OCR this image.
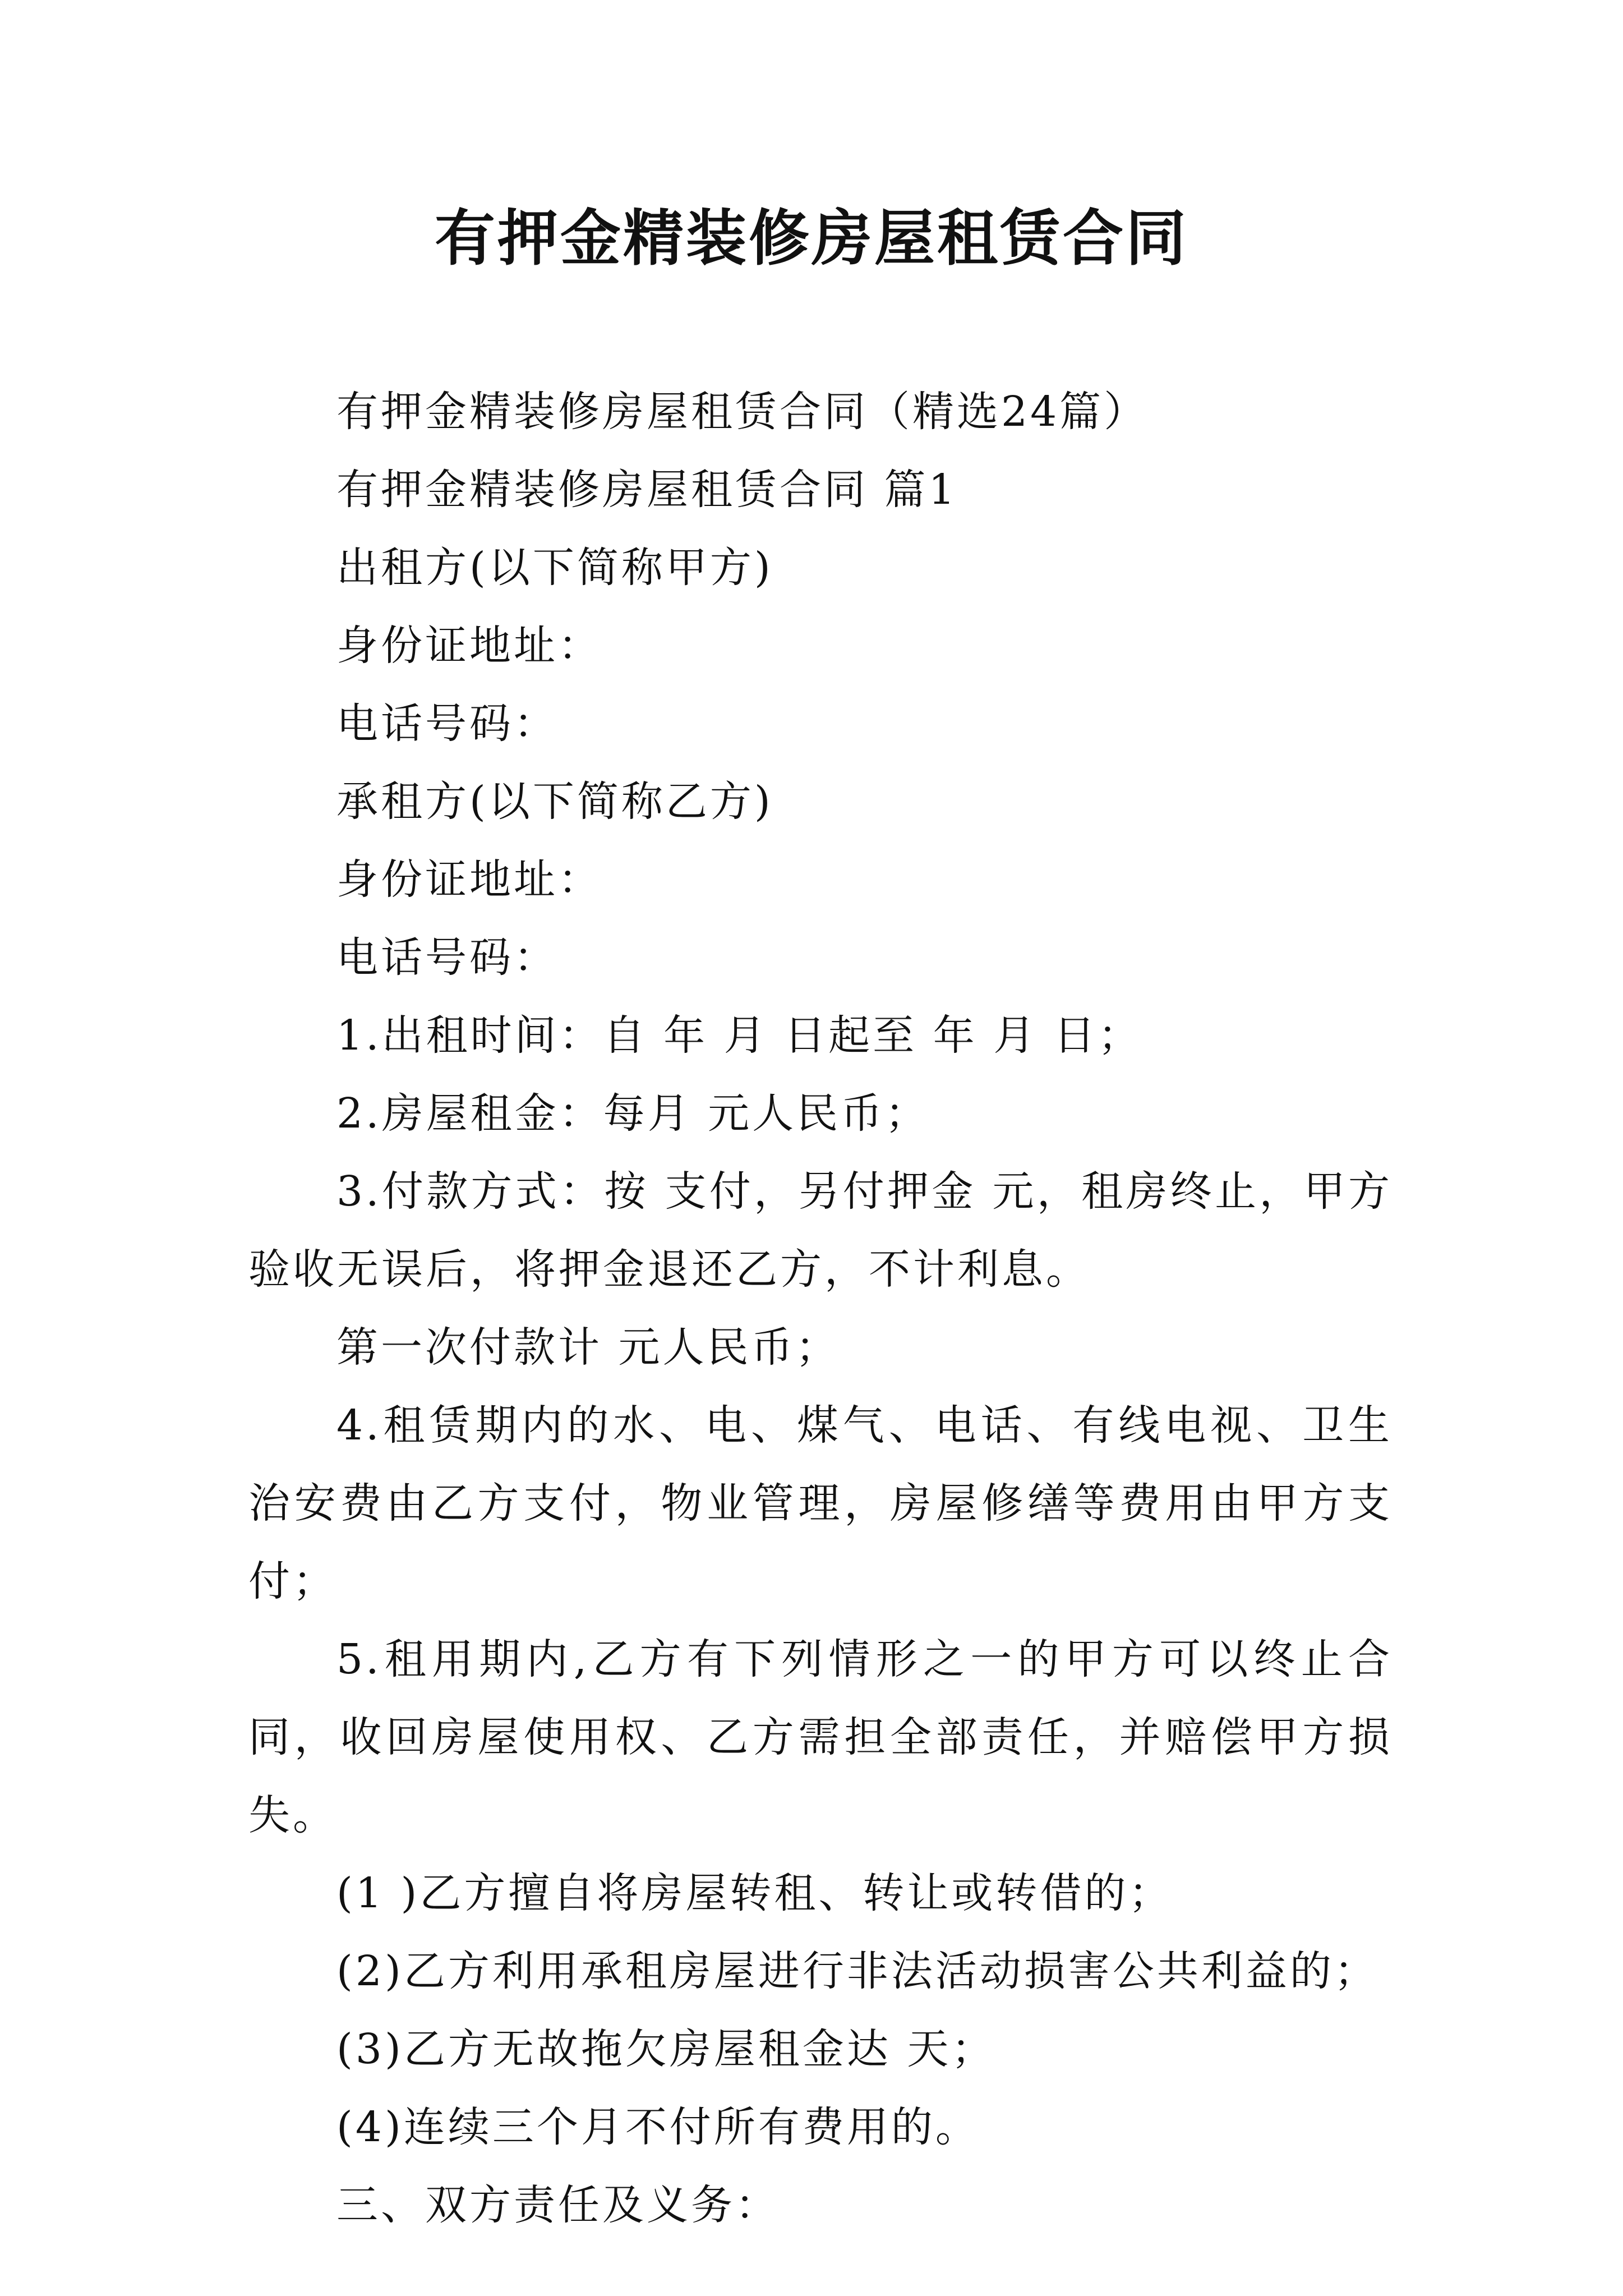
有押金精装修房屋租赁合同

有押金精装修房屋租赁合同（精选24篇）

有押金精装修房屋租赁合同 篇1

出租方(以下简称甲方)

身份证地址：

电话号码：

承租方(以下简称乙方)

身份证地址：

电话号码：

1.出租时间：自 年 月 日起至 年 月 日；

2.房屋租金：每月 元人民币；

3.付款方式：按 支付，另付押金 元，租房终止，甲方验收无误后，将押金退还乙方，不计利息。

第一次付款计 元人民币；

4.租赁期内的水、电、煤气、电话、有线电视、卫生治安费由乙方支付，物业管理，房屋修缮等费用由甲方支付；

5.租用期内,乙方有下列情形之一的甲方可以终止合同，收回房屋使用权、乙方需担全部责任，并赔偿甲方损失。

(1 )乙方擅自将房屋转租、转让或转借的；

(2)乙方利用承租房屋进行非法活动损害公共利益的；

(3)乙方无故拖欠房屋租金达 天；

(4)连续三个月不付所有费用的。

三、双方责任及义务：
